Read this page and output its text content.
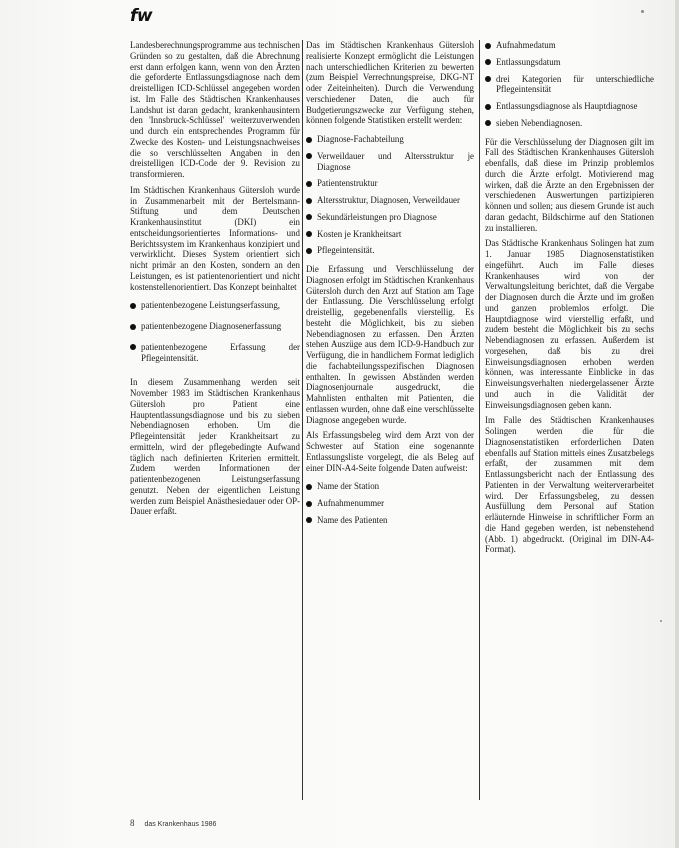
fw

Landesberechnungsprogramme aus technischen Gründen so zu gestalten, daß die Abrechnung erst dann erfolgen kann, wenn von den Ärzten die geforderte Entlassungsdiagnose nach dem dreistelligen ICD-Schlüssel angegeben worden ist. Im Falle des Städtischen Krankenhauses Landshut ist daran gedacht, krankenhausintern den 'Innsbruck-Schlüssel' weiterzuverwenden und durch ein entsprechendes Programm für Zwecke des Kosten- und Leistungsnachweises die so verschlüsselten Angaben in den dreistelligen ICD-Code der 9. Revision zu transformieren.

Im Städtischen Krankenhaus Gütersloh wurde in Zusammenarbeit mit der Bertelsmann-Stiftung und dem Deutschen Krankenhausinstitut (DKI) ein entscheidungsorientiertes Informations- und Berichtssystem im Krankenhaus konzipiert und verwirklicht. Dieses System orientiert sich nicht primär an den Kosten, sondern an den Leistungen, es ist patientenorientiert und nicht kostenstellenorientiert. Das Konzept beinhaltet

patientenbezogene Leistungserfassung,
patientenbezogene Diagnosenerfassung
patientenbezogene Erfassung der Pflegeintensität.

In diesem Zusammenhang werden seit November 1983 im Städtischen Krankenhaus Gütersloh pro Patient eine Hauptentlassungsdiagnose und bis zu sieben Nebendiagnosen erhoben. Um die Pflegeintensität jeder Krankheitsart zu ermitteln, wird der pflegebedingte Aufwand täglich nach definierten Kriterien ermittelt. Zudem werden Informationen der patientenbezogenen Leistungserfassung genutzt. Neben der eigentlichen Leistung werden zum Beispiel Anästhesiedauer oder OP-Dauer erfaßt.

Das im Städtischen Krankenhaus Gütersloh realisierte Konzept ermöglicht die Leistungen nach unterschiedlichen Kriterien zu bewerten (zum Beispiel Verrechnungspreise, DKG-NT oder Zeiteinheiten). Durch die Verwendung verschiedener Daten, die auch für Budgetierungszwecke zur Verfügung stehen, können folgende Statistiken erstellt werden:

Diagnose-Fachabteilung
Verweildauer und Altersstruktur je Diagnose
Patientenstruktur
Altersstruktur, Diagnosen, Verweildauer
Sekundärleistungen pro Diagnose
Kosten je Krankheitsart
Pflegeintensität.

Die Erfassung und Verschlüsselung der Diagnosen erfolgt im Städtischen Krankenhaus Gütersloh durch den Arzt auf Station am Tage der Entlassung. Die Verschlüsselung erfolgt dreistellig, gegebenenfalls vierstellig. Es besteht die Möglichkeit, bis zu sieben Nebendiagnosen zu erfassen. Den Ärzten stehen Auszüge aus dem ICD-9-Handbuch zur Verfügung, die in handlichem Format lediglich die fachabteilungsspezifischen Diagnosen enthalten. In gewissen Abständen werden Diagnosenjournale ausgedruckt, die Mahnlisten enthalten mit Patienten, die entlassen wurden, ohne daß eine verschlüsselte Diagnose angegeben wurde.

Als Erfassungsbeleg wird dem Arzt von der Schwester auf Station eine sogenannte Entlassungsliste vorgelegt, die als Beleg auf einer DIN-A4-Seite folgende Daten aufweist:

Name der Station
Aufnahmenummer
Name des Patienten
Aufnahmedatum
Entlassungsdatum
drei Kategorien für unterschiedliche Pflegeintensität
Entlassungsdiagnose als Hauptdiagnose
sieben Nebendiagnosen.

Für die Verschlüsselung der Diagnosen gilt im Fall des Städtischen Krankenhauses Gütersloh ebenfalls, daß diese im Prinzip problemlos durch die Ärzte erfolgt. Motivierend mag wirken, daß die Ärzte an den Ergebnissen der verschiedenen Auswertungen partizipieren können und sollen; aus diesem Grunde ist auch daran gedacht, Bildschirme auf den Stationen zu installieren.

Das Städtische Krankenhaus Solingen hat zum 1. Januar 1985 Diagnosenstatistiken eingeführt. Auch im Falle dieses Krankenhauses wird von der Verwaltungsleitung berichtet, daß die Vergabe der Diagnosen durch die Ärzte und im großen und ganzen problemlos erfolgt. Die Hauptdiagnose wird vierstellig erfaßt, und zudem besteht die Möglichkeit bis zu sechs Nebendiagnosen zu erfassen. Außerdem ist vorgesehen, daß bis zu drei Einweisungsdiagnosen erhoben werden können, was interessante Einblicke in das Einweisungsverhalten niedergelassener Ärzte und auch in die Validität der Einweisungsdiagnosen geben kann.

Im Falle des Städtischen Krankenhauses Solingen werden die für die Diagnosenstatistiken erforderlichen Daten ebenfalls auf Station mittels eines Zusatzbelegs erfaßt, der zusammen mit dem Entlassungsbericht nach der Entlassung des Patienten in der Verwaltung weiterverarbeitet wird. Der Erfassungsbeleg, zu dessen Ausfüllung dem Personal auf Station erläuternde Hinweise in schriftlicher Form an die Hand gegeben werden, ist nebenstehend (Abb. 1) abgedruckt. (Original im DIN-A4-Format).

8 das Krankenhaus 1986
